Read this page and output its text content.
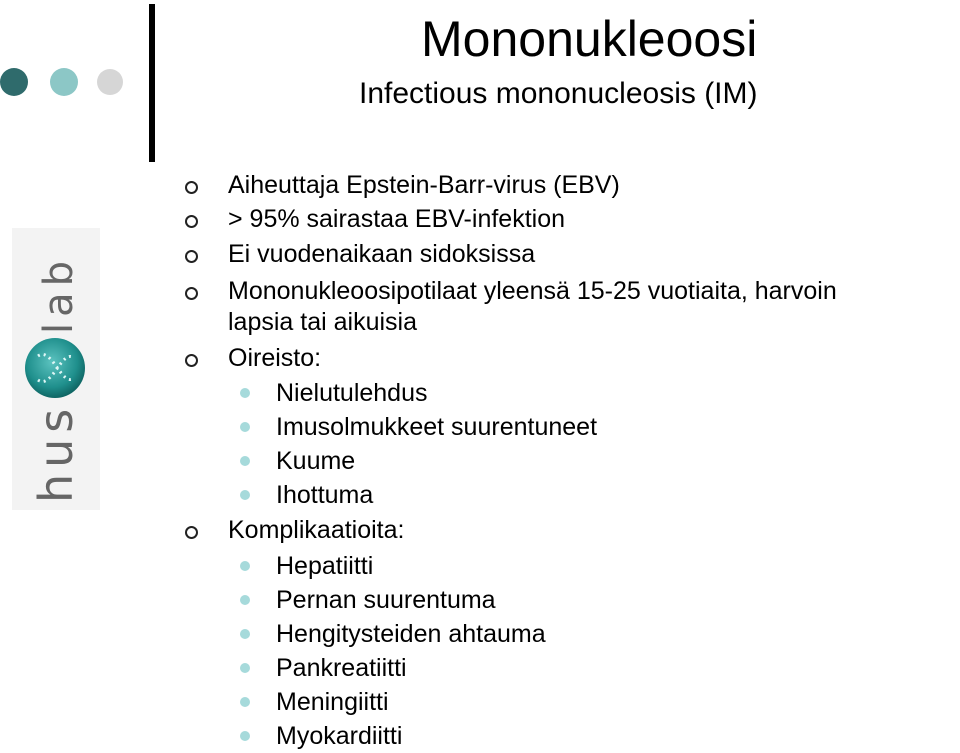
Mononukleoosi
Infectious mononucleosis (IM)
hus
lab
Aiheuttaja Epstein-Barr-virus (EBV)
> 95% sairastaa EBV-infektion
Ei vuodenaikaan sidoksissa
Mononukleoosipotilaat yleensä 15-25 vuotiaita, harvoin
lapsia tai aikuisia
Oireisto:
Nielutulehdus
Imusolmukkeet suurentuneet
Kuume
Ihottuma
Komplikaatioita:
Hepatiitti
Pernan suurentuma
Hengitysteiden ahtauma
Pankreatiitti
Meningiitti
Myokardiitti
